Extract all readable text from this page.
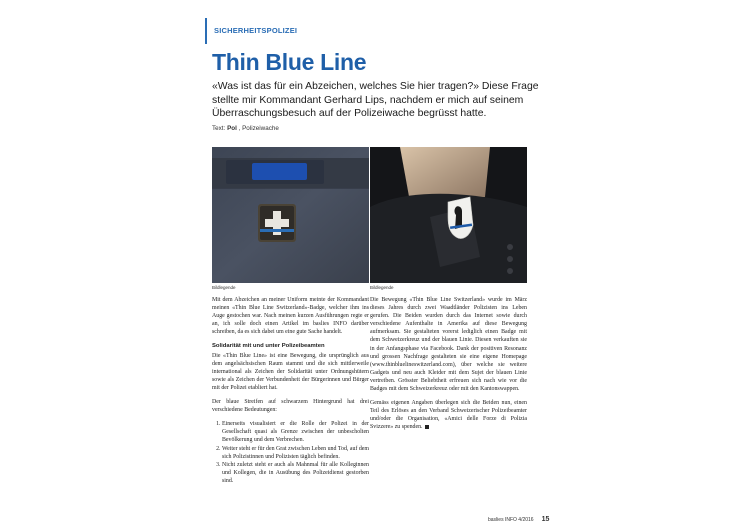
SICHERHEITSPOLIZEI
Thin Blue Line
«Was ist das für ein Abzeichen, welches Sie hier tragen?» Diese Frage stellte mir Kommandant Gerhard Lips, nachdem er mich auf seinem Überraschungsbesuch auf der Polizeiwache begrüsst hatte.
Text: Pol , Polizeiwache
Bildlegende	Bildlegende

Mit dem Abzeichen an meiner Uniform meinte der Kommandant meinen «Thin Blue Line Switzerland»-Badge, welcher ihm ins Auge gestochen war. Nach meinen kurzen Ausführungen regte er an, ich solle doch einen Artikel im baslies INFO darüber schreiben, da es sich dabei um eine gute Sache handelt.

Solidarität mit und unter Polizeibeamten

Die «Thin Blue Line» ist eine Bewegung, die ursprünglich aus dem angelsächsischen Raum stammt und die sich mittlerweile international als Zeichen der Solidarität unter Ordnungshütern sowie als Zeichen der Verbundenheit der Bürgerinnen und Bürger mit der Polizei etabliert hat.

Der blaue Streifen auf schwarzem Hintergrund hat drei verschiedene Bedeutungen:

1. Einerseits visualisiert er die Rolle der Polizei in der Gesellschaft quasi als Grenze zwischen der unbescholten Bevölkerung und dem Verbrechen.
2. Weiter steht er für den Grat zwischen Leben und Tod, auf dem sich Polizistinnen und Polizisten täglich befinden.
3. Nicht zuletzt steht er auch als Mahnmal für alle Kolleginnen und Kollegen, die in Ausübung des Polizeidienst gestorben sind.

Die Bewegung «Thin Blue Line Switzerland» wurde im März dieses Jahres durch zwei Waadtländer Polizisten ins Leben gerufen. Die Beiden wurden durch das Internet sowie durch verschiedene Aufenthalte in Amerika auf diese Bewegung aufmerksam. Sie gestalteten vorerst lediglich einen Badge mit dem Schweizerkreuz und der blauen Linie. Diesen verkauften sie in der Anfangsphase via Facebook. Dank der positiven Resonanz und grossen Nachfrage gestalteten sie eine eigene Homepage (www.thinbluelineswitzerland.com), über welche sie weitere Gadgets und neu auch Kleider mit dem Sujet der blauen Linie vertreiben. Grösster Beliebtheit erfreuen sich nach wie vor die Badges mit dem Schweizerkreuz oder mit den Kantonswappen.

Gemäss eigenen Angaben überlegen sich die Beiden nun, einen Teil des Erlöses an den Verband Schweizerischer Polizeibeamter und/oder die Organisation, «Amici delle Forze di Polizia Svizzere» zu spenden.

baslies INFO 4/2016 15
